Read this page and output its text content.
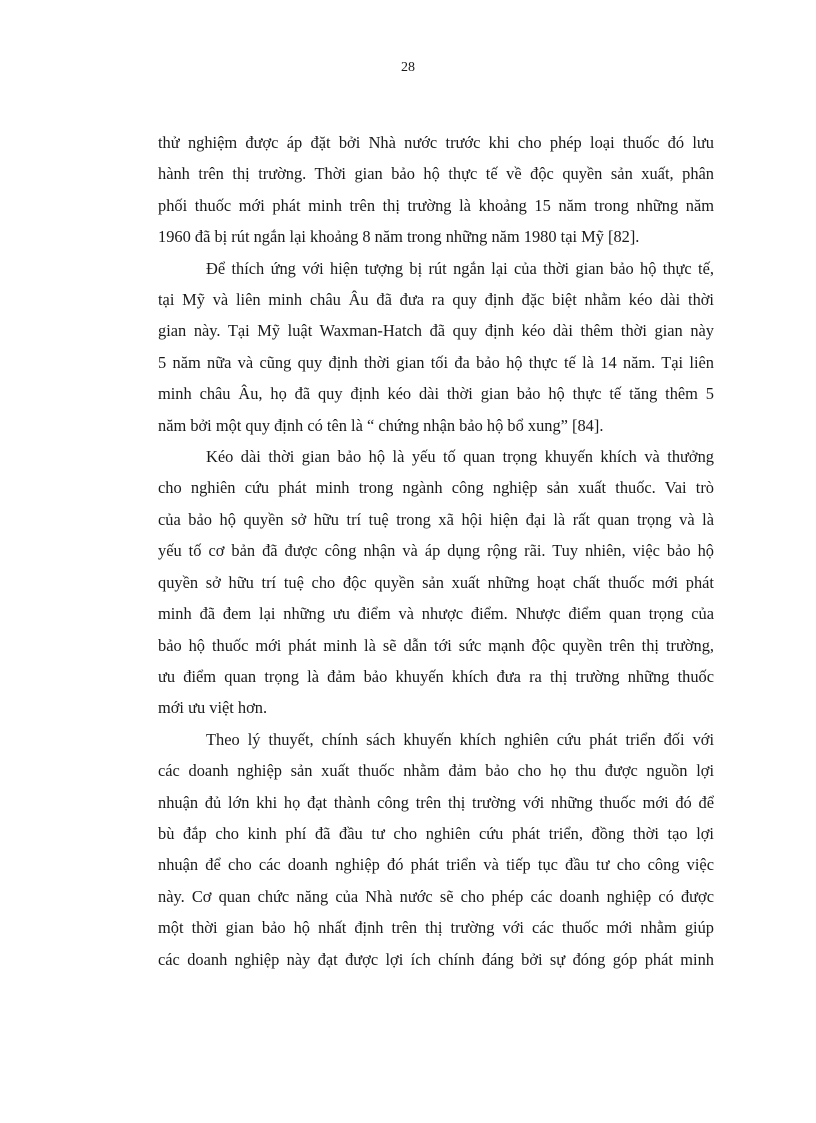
28

thử nghiệm được áp đặt bởi Nhà nước trước khi cho phép loại thuốc đó lưu
hành trên thị trường. Thời gian bảo hộ thực tế về độc quyền sản xuất, phân
phối thuốc mới phát minh trên thị trường là khoảng 15 năm trong những năm
1960 đã bị rút ngắn lại khoảng 8 năm trong những năm 1980 tại Mỹ [82].

Để thích ứng với hiện tượng bị rút ngắn lại của thời gian bảo hộ thực tế,
tại Mỹ và liên minh châu Âu đã đưa ra quy định đặc biệt nhằm kéo dài thời
gian này. Tại Mỹ luật Waxman-Hatch đã quy định kéo dài thêm thời gian này
5 năm nữa và cũng quy định thời gian tối đa bảo hộ thực tế là 14 năm. Tại liên
minh châu Âu, họ đã quy định kéo dài thời gian bảo hộ thực tế tăng thêm 5
năm bởi một quy định có tên là “ chứng nhận bảo hộ bổ xung” [84].

Kéo dài thời gian bảo hộ là yếu tố quan trọng khuyến khích và thưởng
cho nghiên cứu phát minh trong ngành công nghiệp sản xuất thuốc. Vai trò
của bảo hộ quyền sở hữu trí tuệ trong xã hội hiện đại là rất quan trọng và là
yếu tố cơ bản đã được công nhận và áp dụng rộng rãi. Tuy nhiên, việc bảo hộ
quyền sở hữu trí tuệ cho độc quyền sản xuất những hoạt chất thuốc mới phát
minh đã đem lại những ưu điểm và nhược điểm. Nhược điểm quan trọng của
bảo hộ thuốc mới phát minh là sẽ dẫn tới sức mạnh độc quyền trên thị trường,
ưu điểm quan trọng là đảm bảo khuyến khích đưa ra thị trường những thuốc
mới ưu việt hơn.

Theo lý thuyết, chính sách khuyến khích nghiên cứu phát triển đối với
các doanh nghiệp sản xuất thuốc nhằm đảm bảo cho họ thu được nguồn lợi
nhuận đủ lớn khi họ đạt thành công trên thị trường với những thuốc mới đó để
bù đắp cho kinh phí đã đầu tư cho nghiên cứu phát triển, đồng thời tạo lợi
nhuận để cho các doanh nghiệp đó phát triển và tiếp tục đầu tư cho công việc
này. Cơ quan chức năng của Nhà nước sẽ cho phép các doanh nghiệp có được
một thời gian bảo hộ nhất định trên thị trường với các thuốc mới nhằm giúp
các doanh nghiệp này đạt được lợi ích chính đáng bởi sự đóng góp phát minh
